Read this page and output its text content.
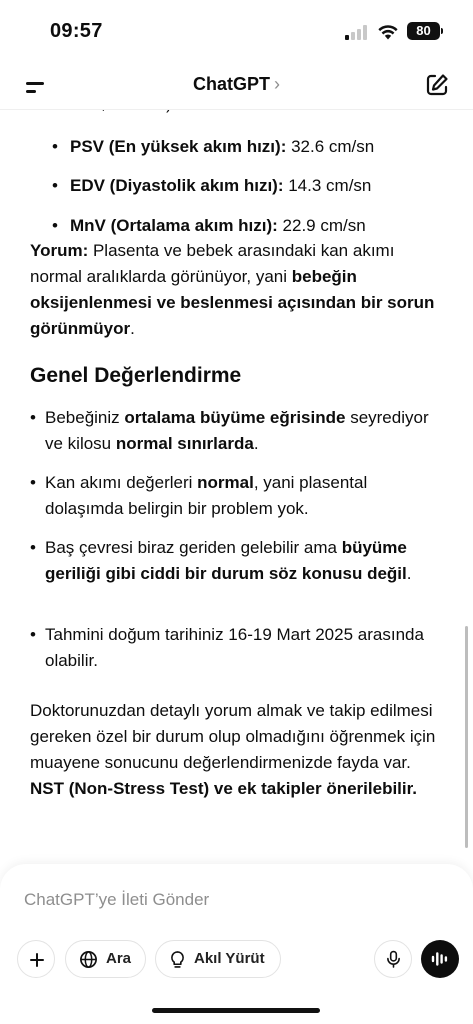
09:57	80
• PSV (En yüksek akım hızı): 32.6 cm/sn
• EDV (Diyastolik akım hızı): 14.3 cm/sn
• MnV (Ortalama akım hızı): 22.9 cm/sn
Yorum: Plasenta ve bebek arasındaki kan akımı normal aralıklarda görünüyor, yani bebeğin oksijenlenmesi ve beslenmesi açısından bir sorun görünmüyor.
Genel Değerlendirme
• Bebeğiniz ortalama büyüme eğrisinde seyrediyor ve kilosu normal sınırlarda.
• Kan akımı değerleri normal, yani plasental dolaşımda belirgin bir problem yok.
• Baş çevresi biraz geriden gelebilir ama büyüme geriliği gibi ciddi bir durum söz konusu değil.
• Tahmini doğum tarihiniz 16-19 Mart 2025 arasında olabilir.
Doktorunuzdan detaylı yorum almak ve takip edilmesi gereken özel bir durum olup olmadığını öğrenmek için muayene sonucunu değerlendirmenizde fayda var. NST (Non-Stress Test) ve ek takipler önerilebilir.
ChatGPT ›
ChatGPT’ye İleti Gönder
Ara	Akıl Yürüt
